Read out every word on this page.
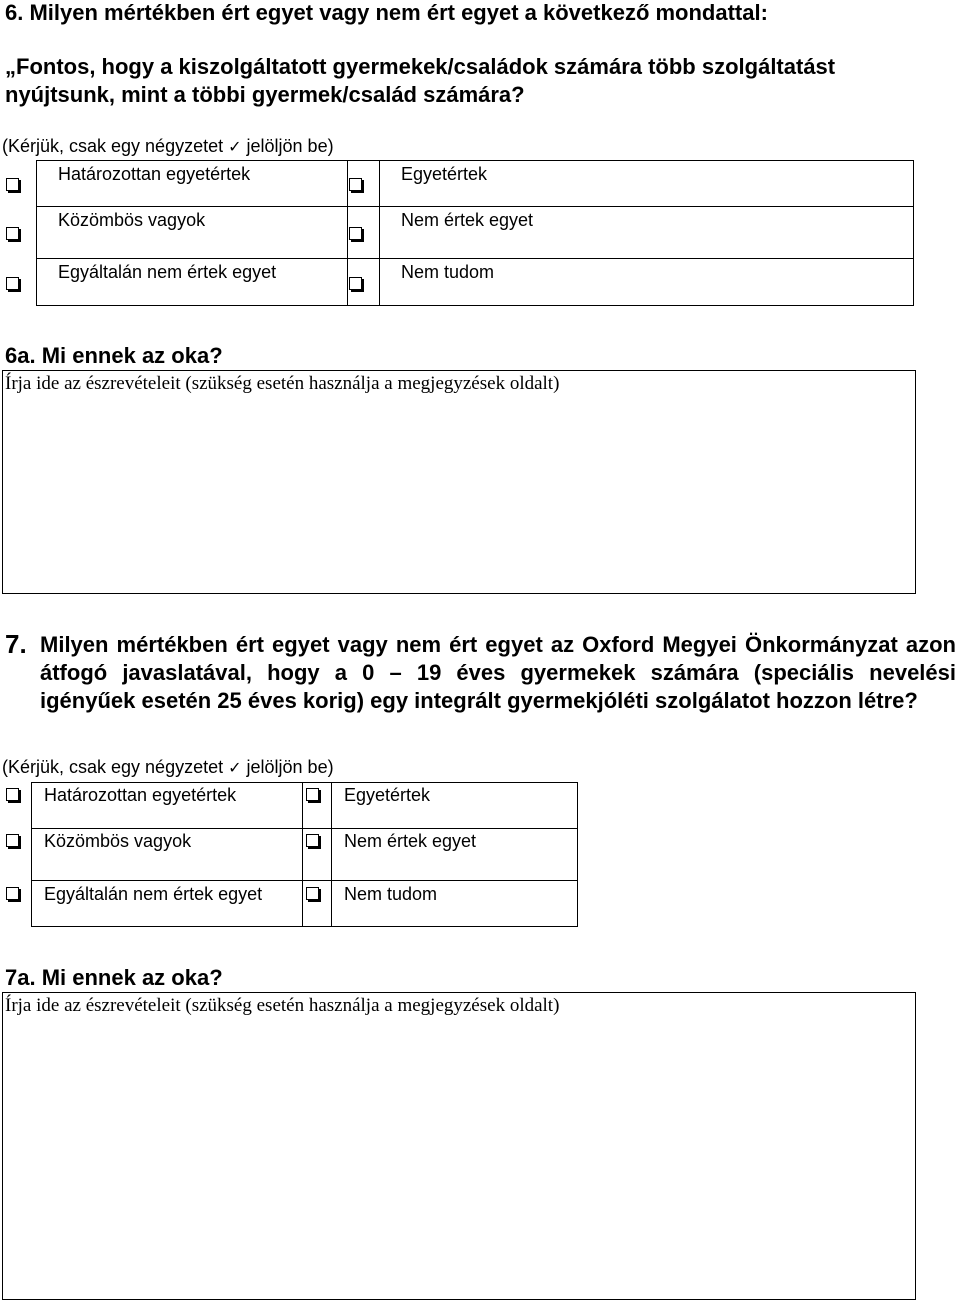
6. Milyen mértékben ért egyet vagy nem ért egyet a következő mondattal:
„Fontos, hogy a kiszolgáltatott gyermekek/családok számára több szolgáltatást
nyújtsunk, mint a többi gyermek/család számára?
(Kérjük, csak egy négyzetet ✓ jelöljön be)
Határozottan egyetértek	Egyetértek
Közömbös vagyok	Nem értek egyet
Egyáltalán nem értek egyet	Nem tudom
6a. Mi ennek az oka?
Írja ide az észrevételeit (szükség esetén használja a megjegyzések oldalt)
7. Milyen mértékben ért egyet vagy nem ért egyet az Oxford Megyei Önkormányzat azon átfogó javaslatával, hogy a 0 – 19 éves gyermekek számára (speciális nevelési igényűek esetén 25 éves korig) egy integrált gyermekjóléti szolgálatot hozzon létre?
(Kérjük, csak egy négyzetet ✓ jelöljön be)
Határozottan egyetértek	Egyetértek
Közömbös vagyok	Nem értek egyet
Egyáltalán nem értek egyet	Nem tudom
7a. Mi ennek az oka?
Írja ide az észrevételeit (szükség esetén használja a megjegyzések oldalt)
